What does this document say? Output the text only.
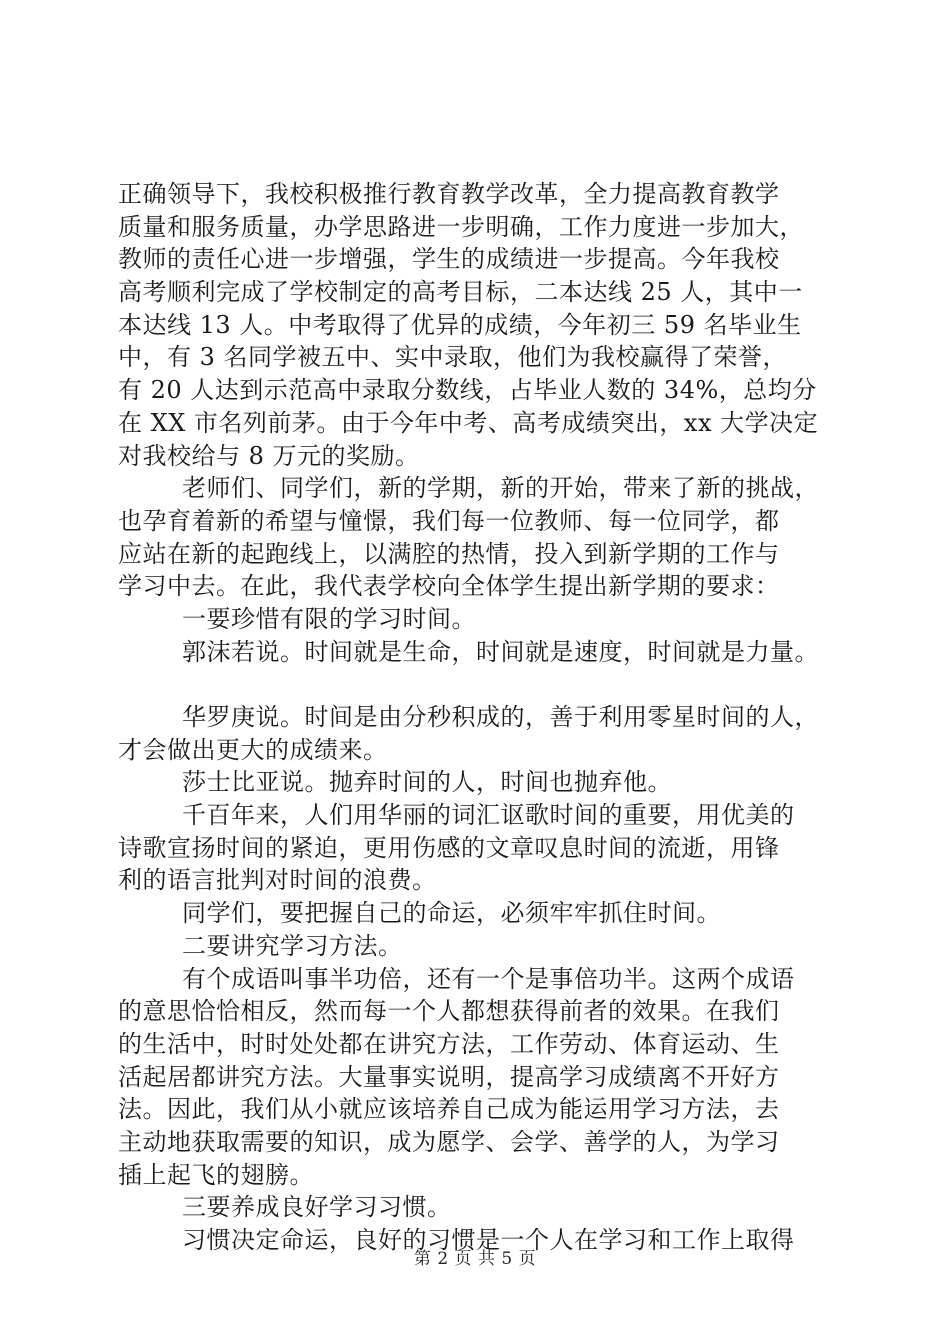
正确领导下，我校积极推行教育教学改革，全力提高教育教学
质量和服务质量，办学思路进一步明确，工作力度进一步加大，
教师的责任心进一步增强，学生的成绩进一步提高。今年我校
高考顺利完成了学校制定的高考目标，二本达线 25 人，其中一
本达线 13 人。中考取得了优异的成绩，今年初三 59 名毕业生
中，有 3 名同学被五中、实中录取，他们为我校赢得了荣誉，
有 20 人达到示范高中录取分数线，占毕业人数的 34%，总均分
在 XX 市名列前茅。由于今年中考、高考成绩突出，xx 大学决定
对我校给与 8 万元的奖励。
老师们、同学们，新的学期，新的开始，带来了新的挑战，
也孕育着新的希望与憧憬，我们每一位教师、每一位同学，都
应站在新的起跑线上，以满腔的热情，投入到新学期的工作与
学习中去。在此，我代表学校向全体学生提出新学期的要求：
一要珍惜有限的学习时间。
郭沫若说。时间就是生命，时间就是速度，时间就是力量。
华罗庚说。时间是由分秒积成的，善于利用零星时间的人，
才会做出更大的成绩来。
莎士比亚说。抛弃时间的人，时间也抛弃他。
千百年来，人们用华丽的词汇讴歌时间的重要，用优美的
诗歌宣扬时间的紧迫，更用伤感的文章叹息时间的流逝，用锋
利的语言批判对时间的浪费。
同学们，要把握自己的命运，必须牢牢抓住时间。
二要讲究学习方法。
有个成语叫事半功倍，还有一个是事倍功半。这两个成语
的意思恰恰相反，然而每一个人都想获得前者的效果。在我们
的生活中，时时处处都在讲究方法，工作劳动、体育运动、生
活起居都讲究方法。大量事实说明，提高学习成绩离不开好方
法。因此，我们从小就应该培养自己成为能运用学习方法，去
主动地获取需要的知识，成为愿学、会学、善学的人，为学习
插上起飞的翅膀。
三要养成良好学习习惯。
习惯决定命运，良好的习惯是一个人在学习和工作上取得
第 2 页 共 5 页
